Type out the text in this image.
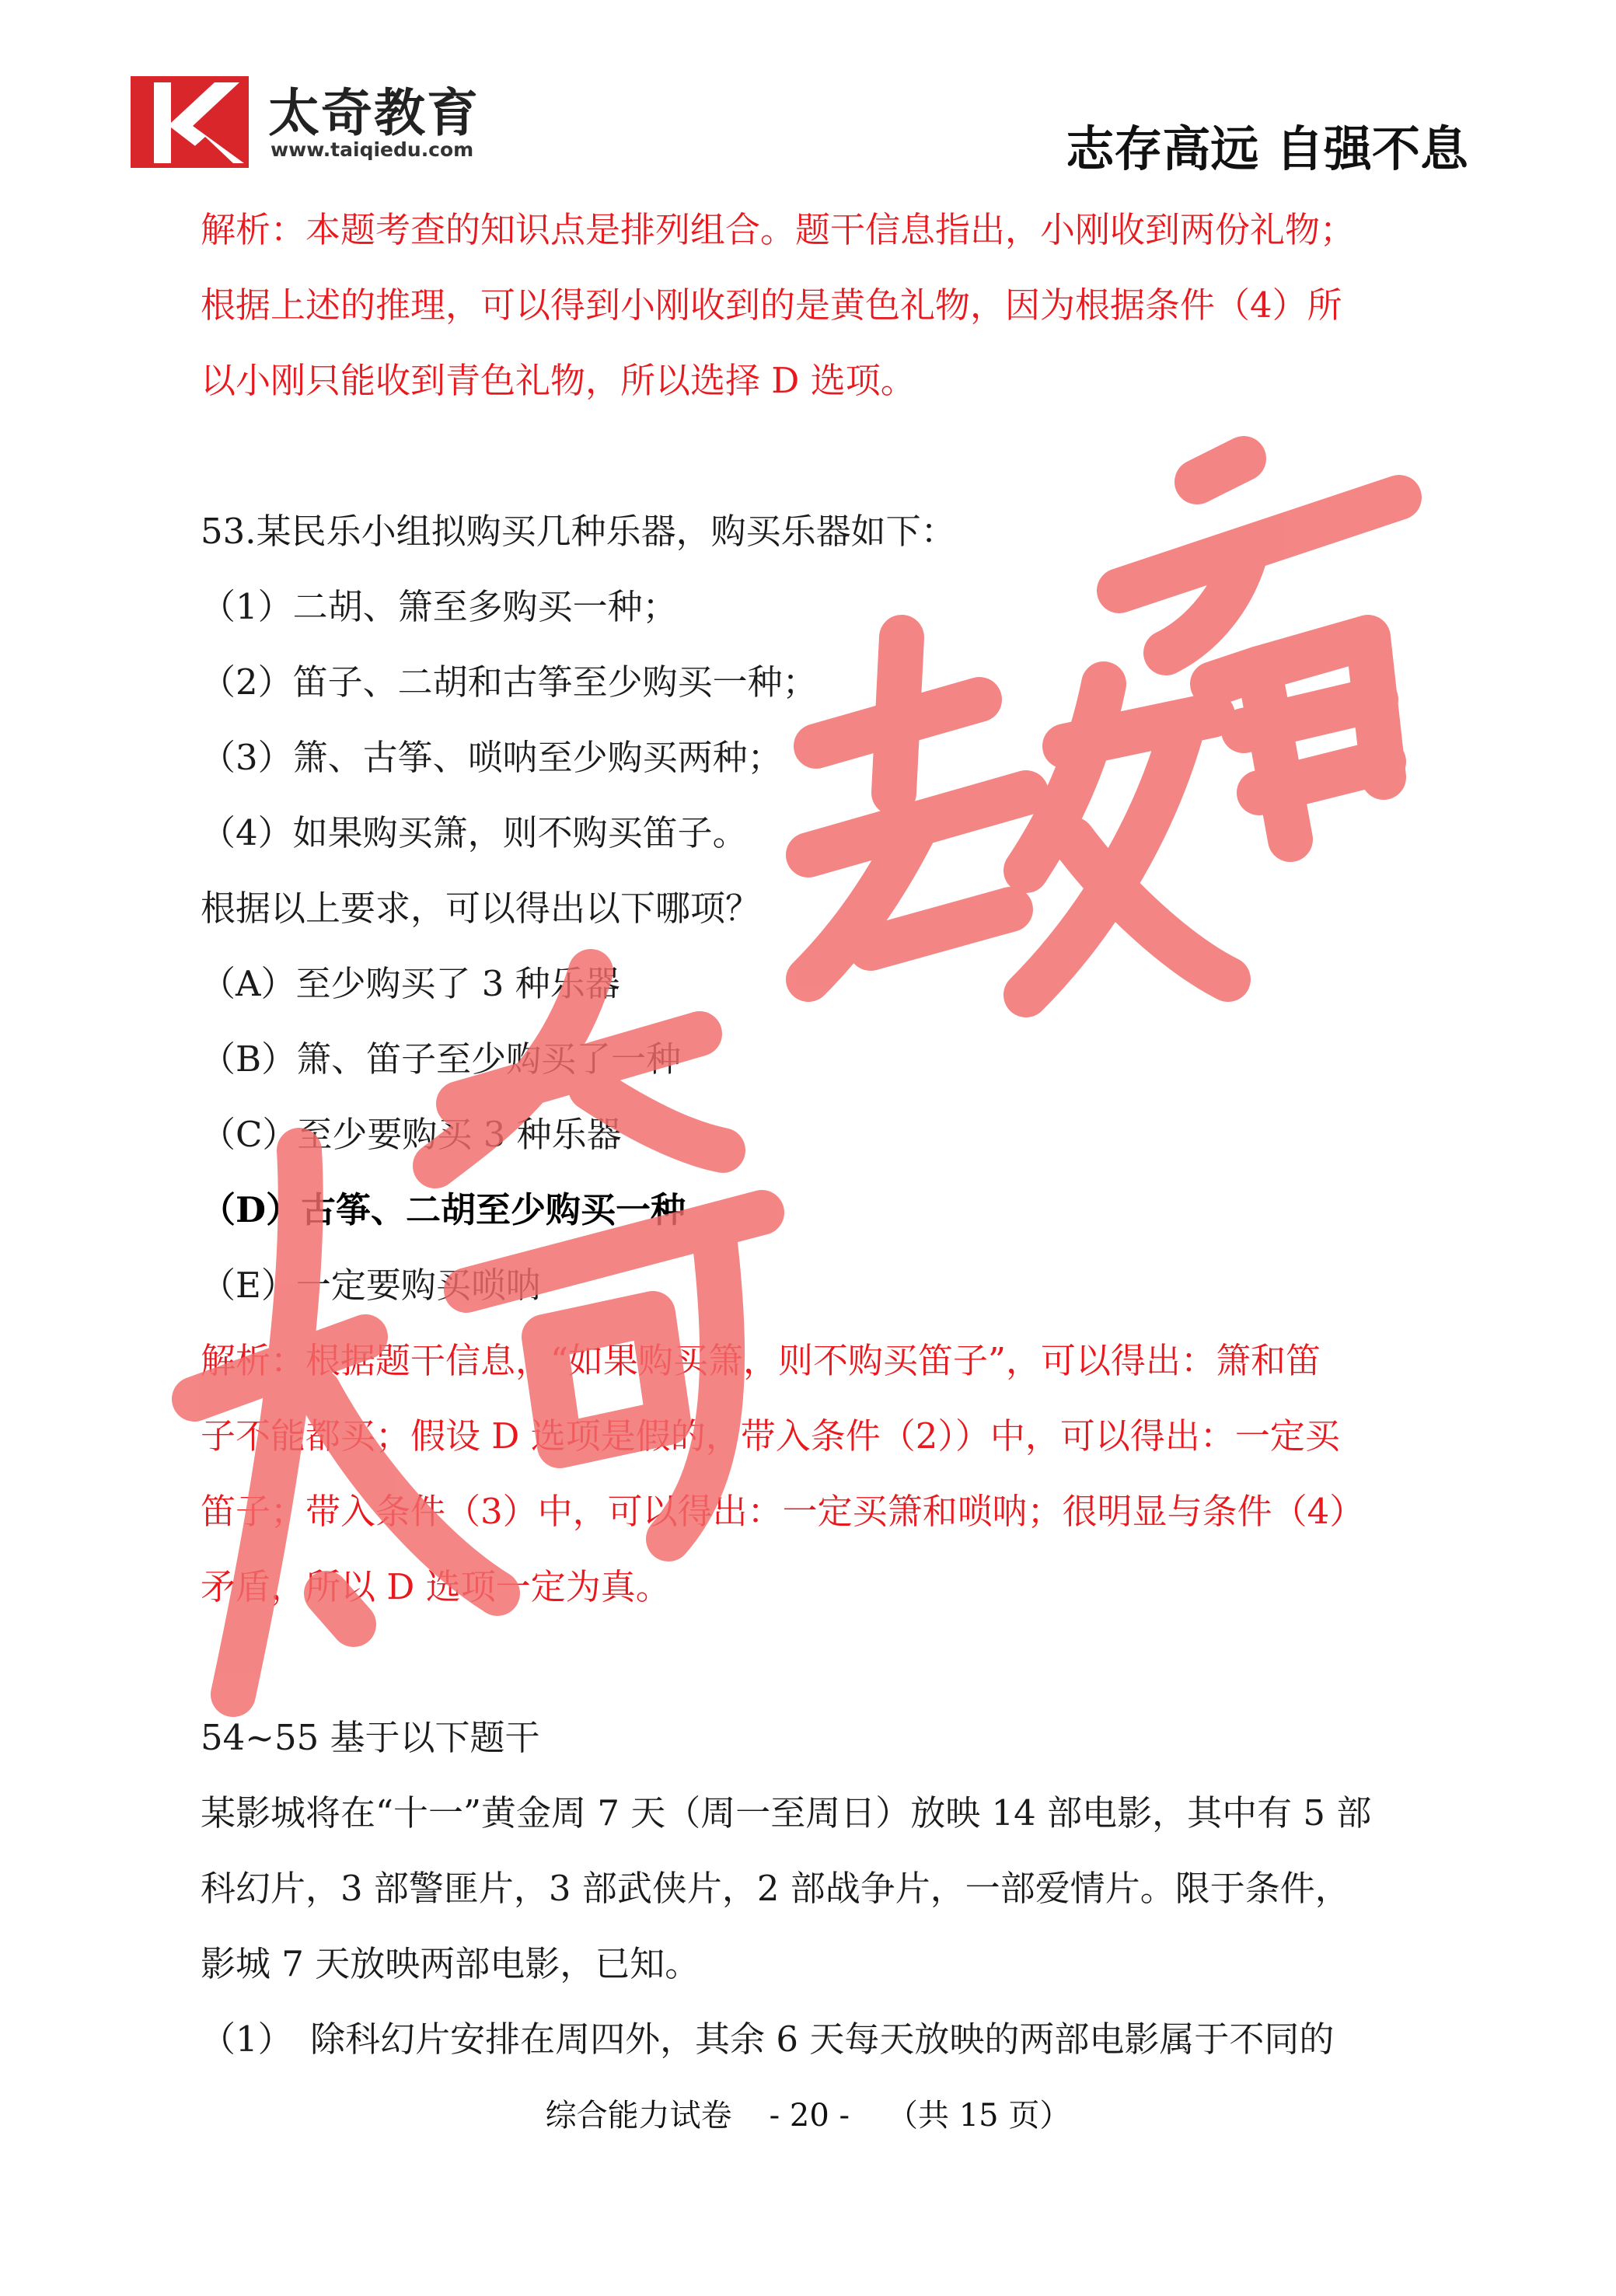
太奇教育
www.taiqiedu.com	志存高远 自强不息
解析：本题考查的知识点是排列组合。题干信息指出，小刚收到两份礼物；
根据上述的推理，可以得到小刚收到的是黄色礼物，因为根据条件（4）所
以小刚只能收到青色礼物，所以选择 D 选项。
53.某民乐小组拟购买几种乐器，购买乐器如下：
（1）二胡、箫至多购买一种；
（2）笛子、二胡和古筝至少购买一种；
（3）箫、古筝、唢呐至少购买两种；
（4）如果购买箫，则不购买笛子。
根据以上要求，可以得出以下哪项？
（A）至少购买了 3 种乐器
（B）箫、笛子至少购买了一种
（C）至少要购买 3 种乐器
（D）古筝、二胡至少购买一种
（E）一定要购买唢呐
解析：根据题干信息，“如果购买箫，则不购买笛子”，可以得出：箫和笛
子不能都买；假设 D 选项是假的，带入条件（2））中，可以得出：一定买
笛子；带入条件（3）中，可以得出：一定买箫和唢呐；很明显与条件（4）
矛盾，所以 D 选项一定为真。
54~55 基于以下题干
某影城将在“十一”黄金周 7 天（周一至周日）放映 14 部电影，其中有 5 部
科幻片，3 部警匪片，3 部武侠片，2 部战争片，一部爱情片。限于条件，
影城 7 天放映两部电影，已知。
（1）　除科幻片安排在周四外，其余 6 天每天放映的两部电影属于不同的
综合能力试卷 - 20 - （共 15 页）
